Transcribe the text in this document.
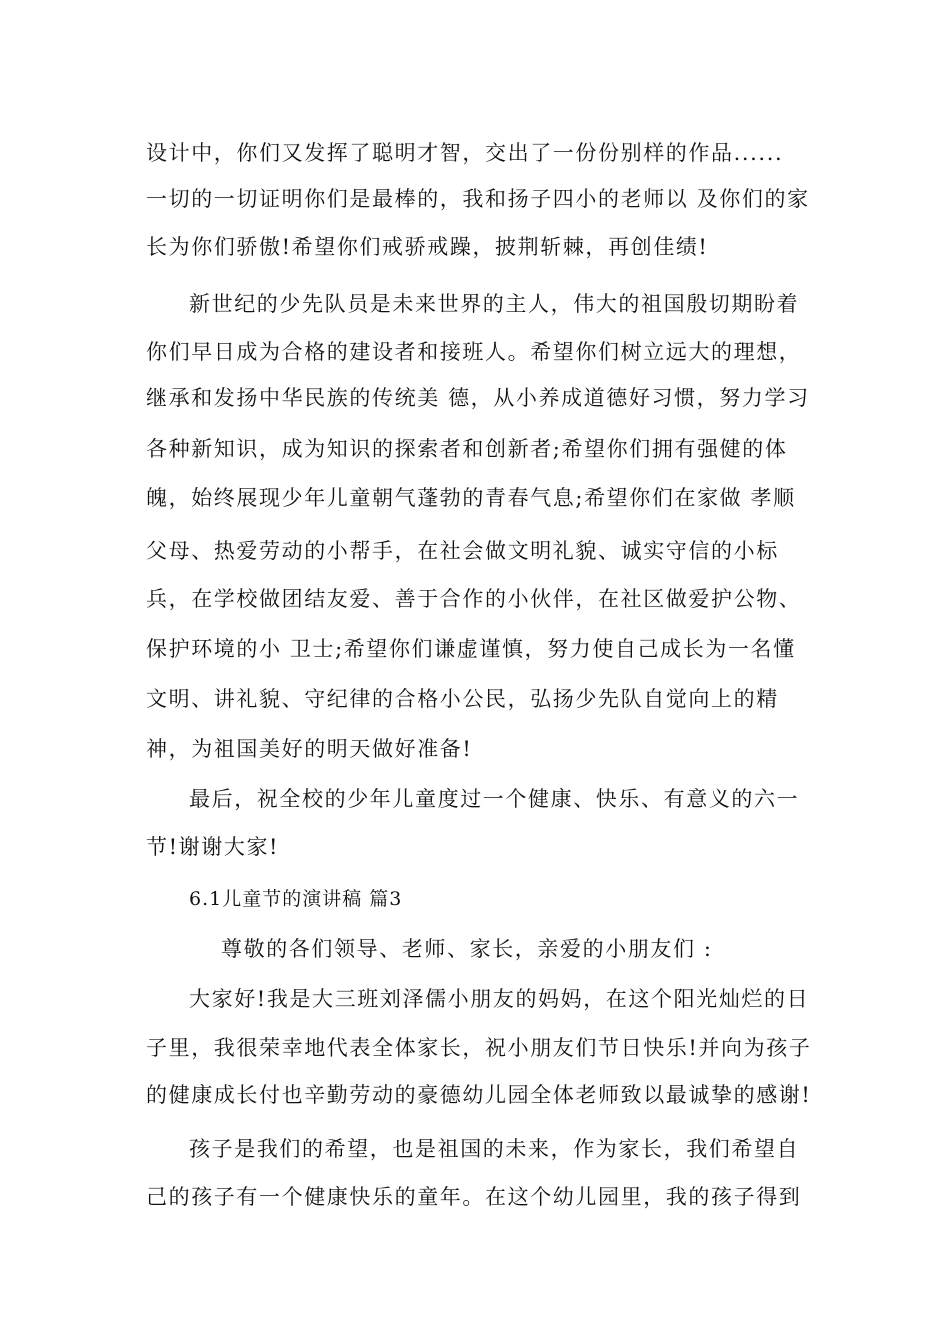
设计中，你们又发挥了聪明才智，交出了一份份别样的作品......
一切的一切证明你们是最棒的，我和扬子四小的老师以 及你们的家
长为你们骄傲!希望你们戒骄戒躁，披荆斩棘，再创佳绩!
新世纪的少先队员是未来世界的主人，伟大的祖国殷切期盼着
你们早日成为合格的建设者和接班人。希望你们树立远大的理想，
继承和发扬中华民族的传统美 德，从小养成道德好习惯，努力学习
各种新知识，成为知识的探索者和创新者;希望你们拥有强健的体
魄，始终展现少年儿童朝气蓬勃的青春气息;希望你们在家做 孝顺
父母、热爱劳动的小帮手，在社会做文明礼貌、诚实守信的小标
兵，在学校做团结友爱、善于合作的小伙伴，在社区做爱护公物、
保护环境的小 卫士;希望你们谦虚谨慎，努力使自己成长为一名懂
文明、讲礼貌、守纪律的合格小公民，弘扬少先队自觉向上的精
神，为祖国美好的明天做好准备!
最后，祝全校的少年儿童度过一个健康、快乐、有意义的六一
节!谢谢大家!
6.1儿童节的演讲稿 篇3
尊敬的各们领导、老师、家长，亲爱的小朋友们 :
大家好!我是大三班刘泽儒小朋友的妈妈，在这个阳光灿烂的日
子里，我很荣幸地代表全体家长，祝小朋友们节日快乐!并向为孩子
的健康成长付也辛勤劳动的豪德幼儿园全体老师致以最诚挚的感谢!
孩子是我们的希望，也是祖国的未来，作为家长，我们希望自
己的孩子有一个健康快乐的童年。在这个幼儿园里，我的孩子得到
